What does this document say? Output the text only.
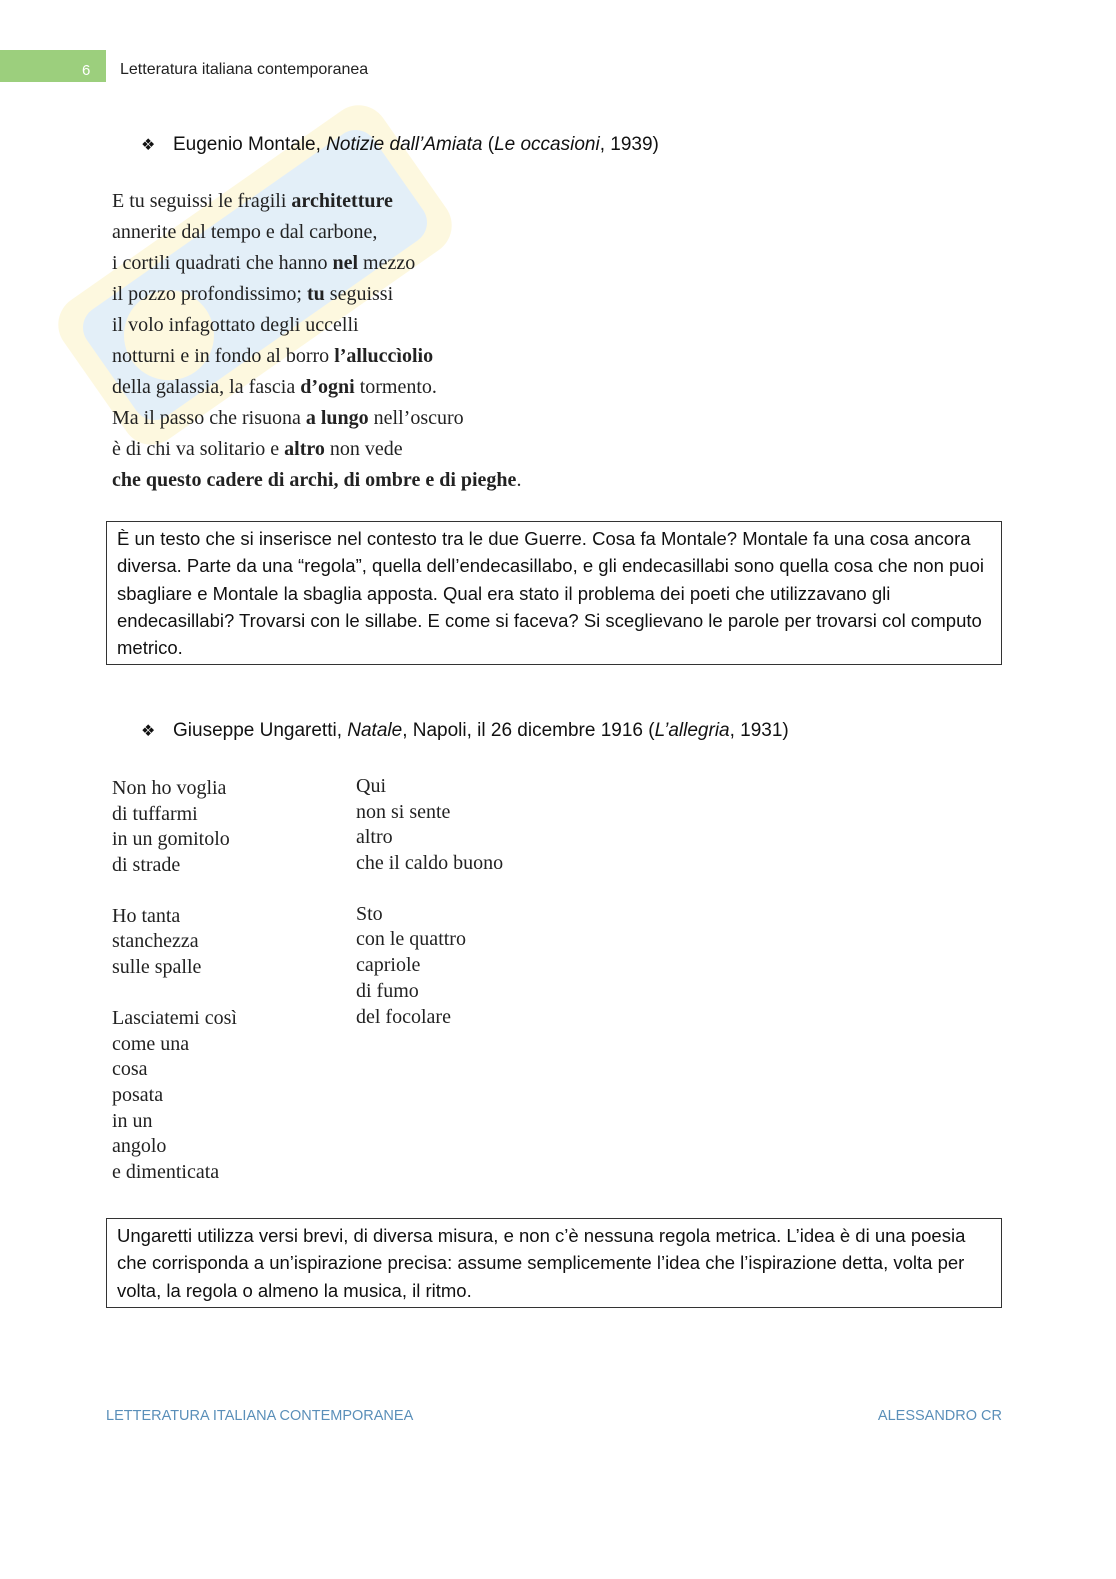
6 Letteratura italiana contemporanea
❖ Eugenio Montale, Notizie dall’Amiata (Le occasioni, 1939)
E tu seguissi le fragili architetture
annerite dal tempo e dal carbone,
i cortili quadrati che hanno nel mezzo
il pozzo profondissimo; tu seguissi
il volo infagottato degli uccelli
notturni e in fondo al borro l’alluccìolio
della galassia, la fascia d’ogni tormento.
Ma il passo che risuona a lungo nell’oscuro
è di chi va solitario e altro non vede
che questo cadere di archi, di ombre e di pieghe.
È un testo che si inserisce nel contesto tra le due Guerre. Cosa fa Montale? Montale fa una cosa ancora diversa. Parte da una “regola”, quella dell’endecasillabo, e gli endecasillabi sono quella cosa che non puoi sbagliare e Montale la sbaglia apposta. Qual era stato il problema dei poeti che utilizzavano gli endecasillabi? Trovarsi con le sillabe. E come si faceva? Si sceglievano le parole per trovarsi col computo metrico.
❖ Giuseppe Ungaretti, Natale, Napoli, il 26 dicembre 1916 (L’allegria, 1931)
Non ho voglia
di tuffarmi
in un gomitolo
di strade
Ho tanta
stanchezza
sulle spalle
Lasciatemi così
come una
cosa
posata
in un
angolo
e dimenticata
Qui
non si sente
altro
che il caldo buono
Sto
con le quattro
capriole
di fumo
del focolare
Ungaretti utilizza versi brevi, di diversa misura, e non c’è nessuna regola metrica. L’idea è di una poesia che corrisponda a un’ispirazione precisa: assume semplicemente l’idea che l’ispirazione detta, volta per volta, la regola o almeno la musica, il ritmo.
LETTERATURA ITALIANA CONTEMPORANEA	ALESSANDRO CR
